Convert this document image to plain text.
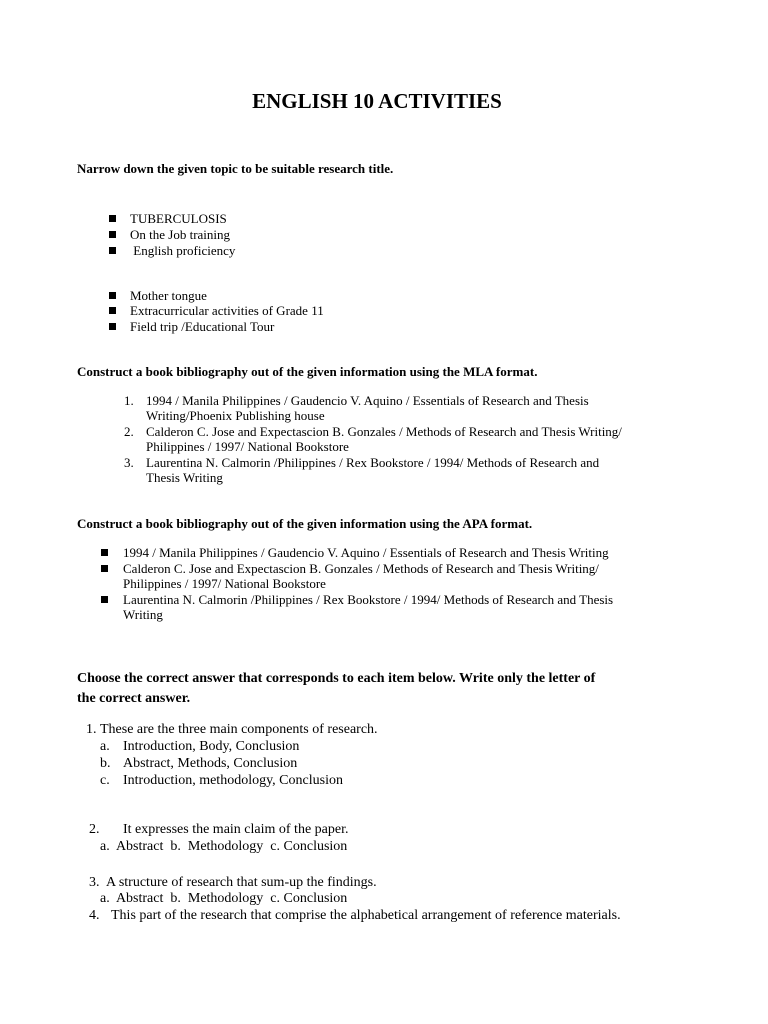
ENGLISH 10 ACTIVITIES
Narrow down the given topic to be suitable research title.
TUBERCULOSIS
On the Job training
English proficiency
Mother tongue
Extracurricular activities of Grade 11
Field trip /Educational Tour
Construct a book bibliography out of the given information using the MLA format.
1. 1994 / Manila Philippines / Gaudencio V. Aquino / Essentials of Research and Thesis
Writing/Phoenix Publishing house
2. Calderon C. Jose and Expectascion B. Gonzales / Methods of Research and Thesis Writing/
Philippines / 1997/ National Bookstore
3. Laurentina N. Calmorin /Philippines / Rex Bookstore / 1994/ Methods of Research and
Thesis Writing
Construct a book bibliography out of the given information using the APA format.
1994 / Manila Philippines / Gaudencio V. Aquino / Essentials of Research and Thesis Writing
Calderon C. Jose and Expectascion B. Gonzales / Methods of Research and Thesis Writing/
Philippines / 1997/ National Bookstore
Laurentina N. Calmorin /Philippines / Rex Bookstore / 1994/ Methods of Research and Thesis
Writing
Choose the correct answer that corresponds to each item below. Write only the letter of
the correct answer.
1. These are the three main components of research.
a. Introduction, Body, Conclusion
b. Abstract, Methods, Conclusion
c. Introduction, methodology, Conclusion
2. It expresses the main claim of the paper.
a.  Abstract  b.  Methodology  c. Conclusion
3. A structure of research that sum-up the findings.
a.  Abstract  b.  Methodology  c. Conclusion
4. This part of the research that comprise the alphabetical arrangement of reference materials.
